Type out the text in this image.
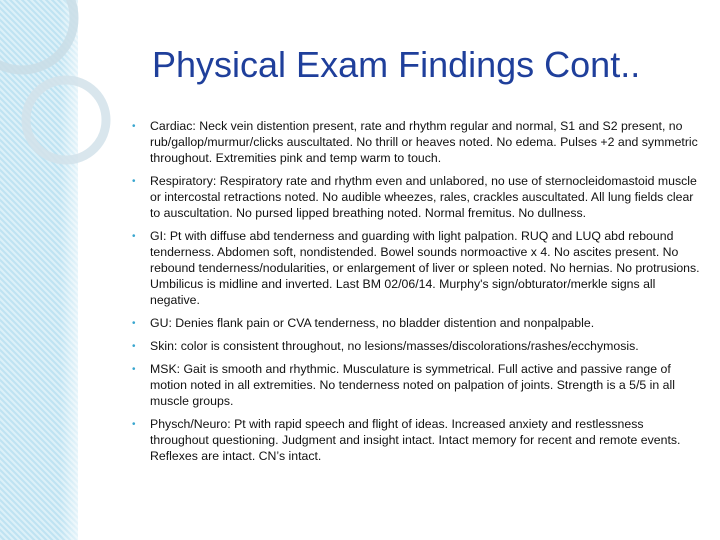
Physical Exam Findings Cont..
• Cardiac: Neck vein distention present, rate and rhythm regular and normal, S1 and S2 present, no rub/gallop/murmur/clicks auscultated. No thrill or heaves noted. No edema. Pulses +2 and symmetric throughout. Extremities pink and temp warm to touch.
• Respiratory: Respiratory rate and rhythm even and unlabored, no use of sternocleidomastoid muscle or intercostal retractions noted. No audible wheezes, rales, crackles auscultated. All lung fields clear to auscultation. No pursed lipped breathing noted. Normal fremitus. No dullness.
• GI: Pt with diffuse abd tenderness and guarding with light palpation. RUQ and LUQ abd rebound tenderness. Abdomen soft, nondistended. Bowel sounds normoactive x 4. No ascites present. No rebound tenderness/nodularities, or enlargement of liver or spleen noted. No hernias. No protrusions. Umbilicus is midline and inverted. Last BM 02/06/14. Murphy's sign/obturator/merkle signs all negative.
• GU: Denies flank pain or CVA tenderness, no bladder distention and nonpalpable.
• Skin: color is consistent throughout, no lesions/masses/discolorations/rashes/ecchymosis.
• MSK: Gait is smooth and rhythmic. Musculature is symmetrical. Full active and passive range of motion noted in all extremities. No tenderness noted on palpation of joints. Strength is a 5/5 in all muscle groups.
• Physch/Neuro: Pt with rapid speech and flight of ideas. Increased anxiety and restlessness throughout questioning. Judgment and insight intact. Intact memory for recent and remote events. Reflexes are intact. CN’s intact.
